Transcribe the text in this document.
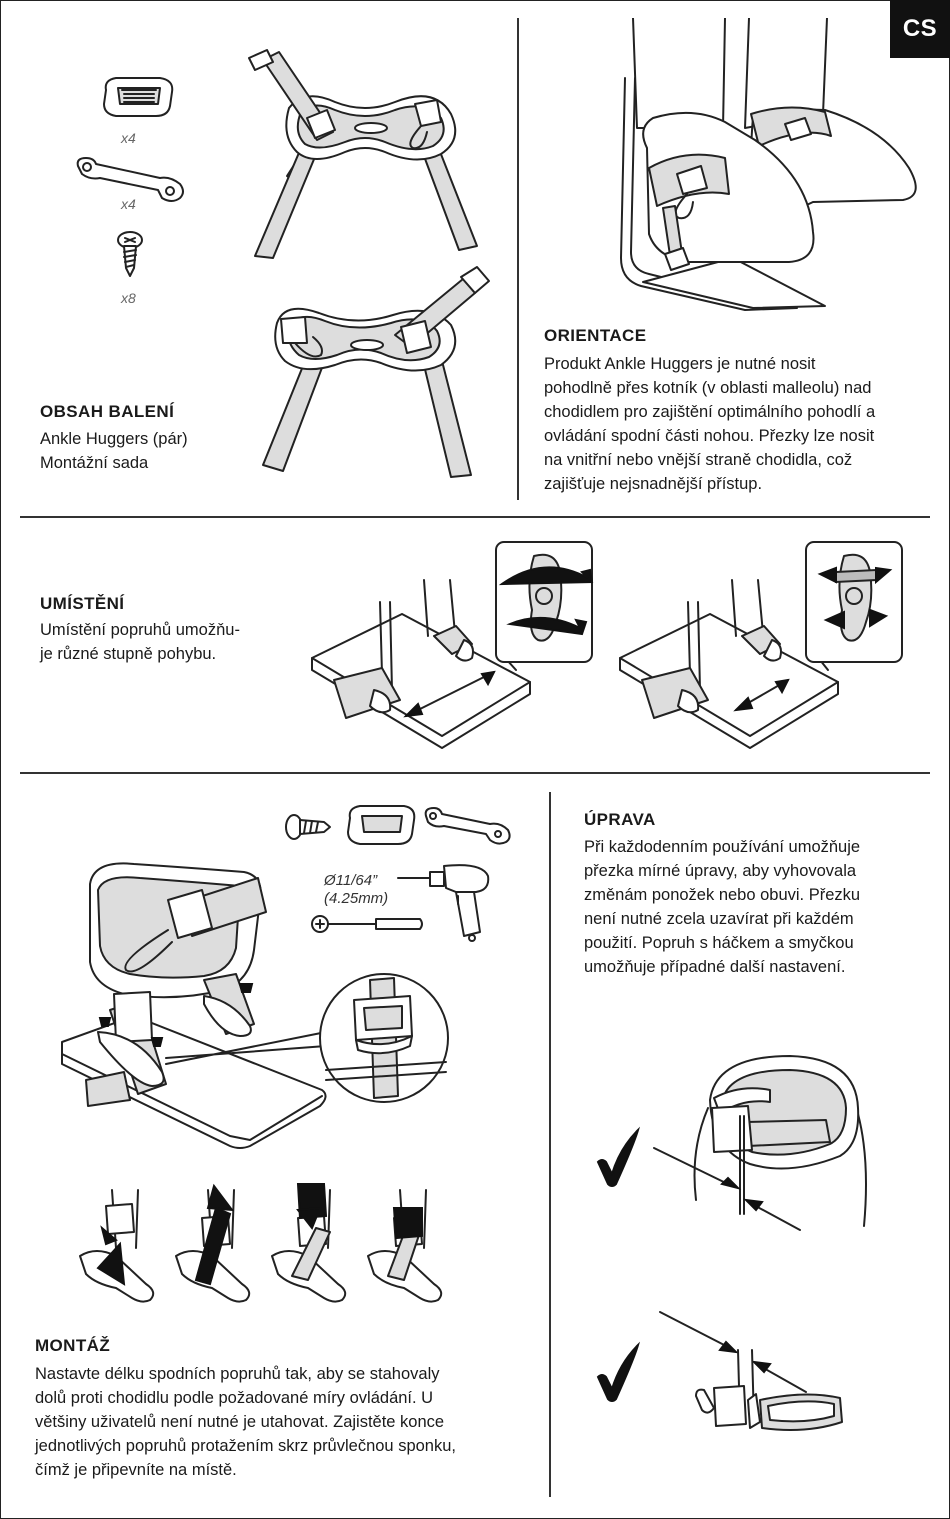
CS
x4
x4
x8
OBSAH BALENÍ
Ankle Huggers (pár)
Montážní sada
ORIENTACE
Produkt Ankle Huggers je nutné nosit
pohodlně přes kotník (v oblasti malleolu) nad
chodidlem pro zajištění optimálního pohodlí a
ovládání spodní části nohou. Přezky lze nosit
na vnitřní nebo vnější straně chodidla, což
zajišťuje nejsnadnější přístup.
UMÍSTĚNÍ
Umístění popruhů umožňu-
je různé stupně pohybu.
Ø11/64”
(4.25mm)
MONTÁŽ
Nastavte délku spodních popruhů tak, aby se stahovaly
dolů proti chodidlu podle požadované míry ovládání. U
většiny uživatelů není nutné je utahovat. Zajistěte konce
jednotlivých popruhů protažením skrz průvlečnou sponku,
čímž je připevníte na místě.
ÚPRAVA
Při každodenním používání umožňuje
přezka mírné úpravy, aby vyhovovala
změnám ponožek nebo obuvi. Přezku
není nutné zcela uzavírat při každém
použití. Popruh s háčkem a smyčkou
umožňuje případné další nastavení.
